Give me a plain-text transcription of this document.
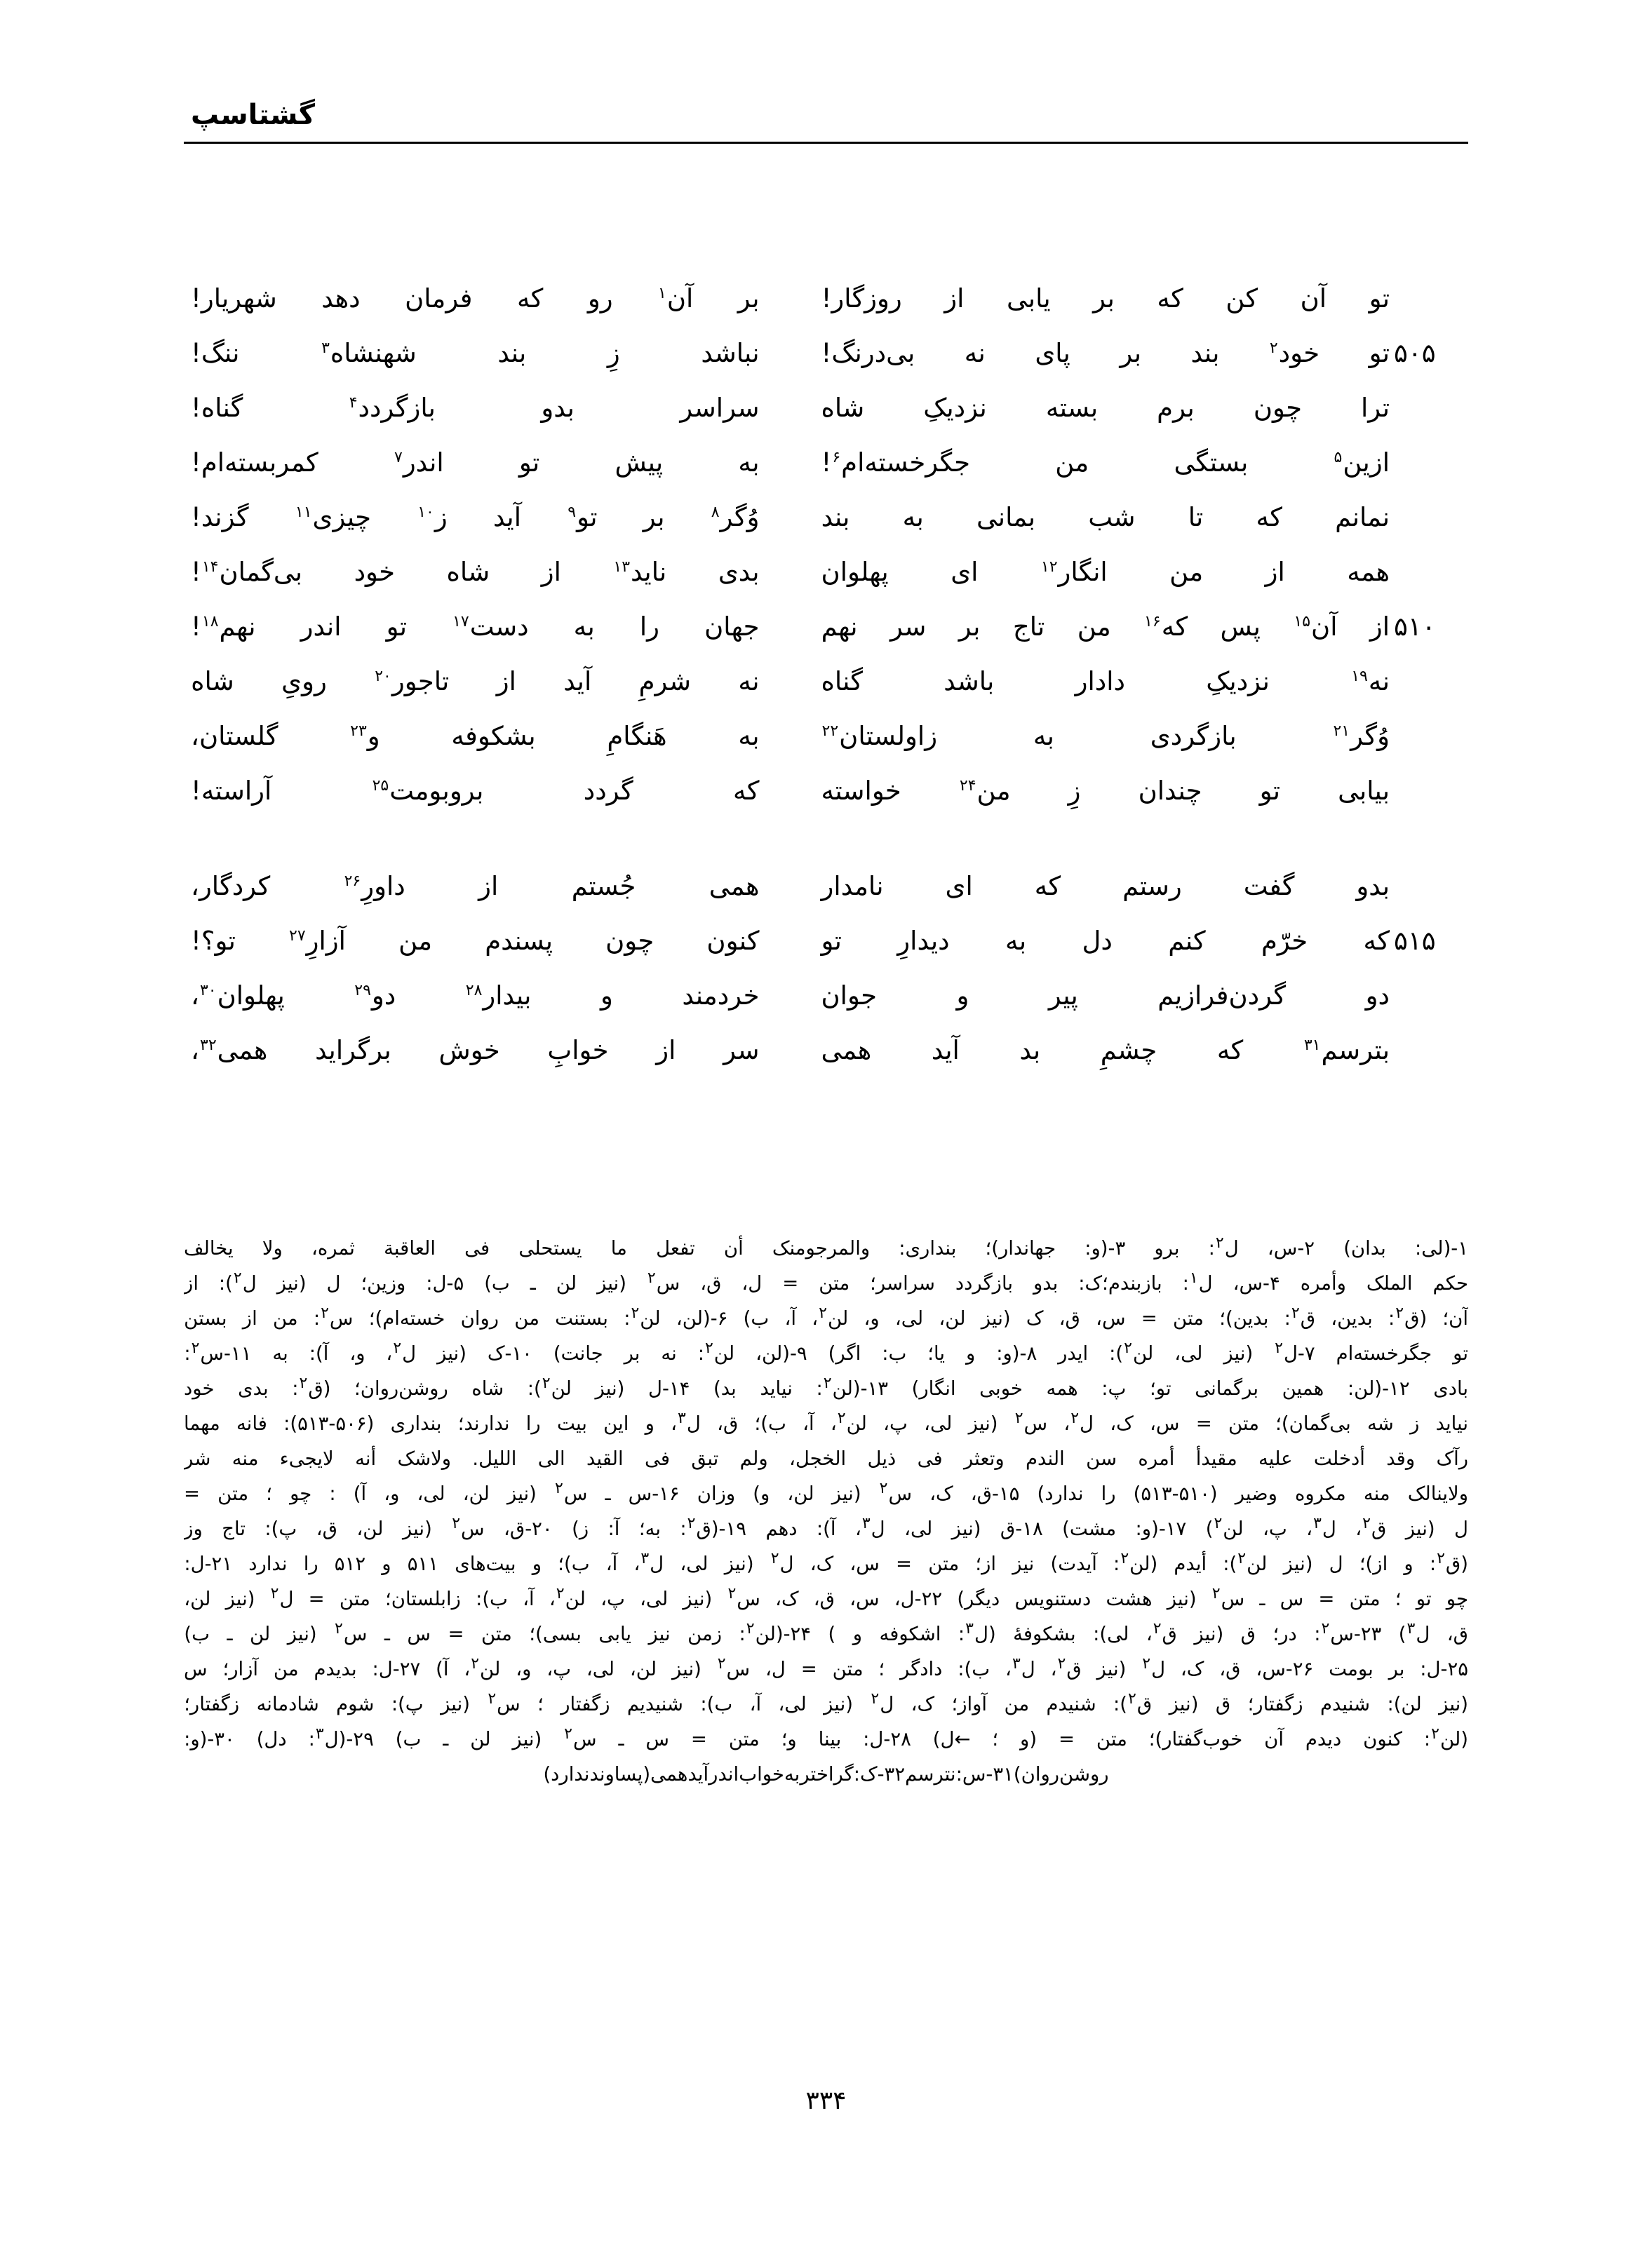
گشتاسپ
تو
آن
کن
که
بر
یابی
از
روزگار!
بر
آن$^۱$
رو
که
فرمان
دهد
شهریار!
۵۰۵
تو
خود$^۲$
بند
بر
پای
نه
بی‌درنگ!
نباشد
زِ
بند
شهنشاه$^۳$
ننگ!
ترا
چون
برم
بسته
نزدیکِ
شاه
سراسر
بدو
بازگردد$^۴$
گناه!
ازین$^۵$
بستگی
من
جگرخسته‌ام$^۶$!
به
پیش
تو
اندر$^۷$
کمربسته‌ام!
نمانم
که
تا
شب
بمانی
به
بند
وُگر$^۸$
بر
تو$^۹$
آید
ز$^{۱۰}$
چیزی$^{۱۱}$
گزند!
همه
از
من
انگار$^{۱۲}$
ای
پهلوان
بدی
ناید$^{۱۳}$
از
شاه
خود
بی‌گمان$^{۱۴}$!
۵۱۰
از
آن$^{۱۵}$
پس
که$^{۱۶}$
من
تاج
بر
سر
نهم
جهان
را
به
دست$^{۱۷}$
تو
اندر
نهم$^{۱۸}$!
نه$^{۱۹}$
نزدیکِ
دادار
باشد
گناه
نه
شرمِ
آید
از
تاجور$^{۲۰}$
رویِ
شاه
وُگر$^{۲۱}$
بازگردی
به
زاولستان$^{۲۲}$
به
هَنگامِ
بشکوفه
و$^{۲۳}$
گلستان،
بیابی
تو
چندان
زِ
من$^{۲۴}$
خواسته
که
گردد
بروبومت$^{۲۵}$
آراسته!
بدو
گفت
رستم
که
ای
نامدار
همی
جُستم
از
داورِ$^{۲۶}$
کردگار،
۵۱۵
که
خرّم
کنم
دل
به
دیدارِ
تو
کنون
چون
پسندم
من
آزارِ$^{۲۷}$
تو؟!
دو
گردن‌فرازیم
پیر
و
جوان
خردمند
و
بیدار$^{۲۸}$
دو$^{۲۹}$
پهلوان$^{۳۰}$،
بترسم$^{۳۱}$
که
چشمِ
بد
آید
همی
سر
از
خوابِ
خوش
برگراید
همی$^{۳۲}$،
۱-(لی:
بدان)
۲-س،
ل$^۲$:
برو
۳-(و:
جهاندار)؛
بنداری:
والمرجومنک
أن
تفعل
ما
یستحلی
فی
العاقبة
ثمره،
ولا
یخالف
حکم
الملک
وأمره
۴-س،
ل$^۱$:
بازبندم؛ک:
بدو
بازگردد
سراسر؛
متن
=
ل،
ق،
س$^۲$
(نیز
لن
ـ
ب)
۵-ل:
وزین؛
ل
(نیز
ل$^۲$):
از
آن؛
(ق$^۲$:
بدین،
ق$^۲$:
بدین)؛
متن
=
س،
ق،
ک
(نیز
لن،
لی،
و،
لن$^۲$،
آ،
ب)
۶-(لن،
لن$^۲$:
بستنت
من
روان
خسته‌ام)؛
س$^۲$:
من
از
بستن
تو
جگرخسته‌ام
۷-ل$^۲$
(نیز
لی،
لن$^۲$):
ایدر
۸-(و:
و
یا؛
ب:
اگر)
۹-(لن،
لن$^۲$:
نه
بر
جانت)
۱۰-ک
(نیز
ل$^۲$،
و،
آ):
به
۱۱-س$^۲$:
بادی
۱۲-(لن:
همین
برگمانی
تو؛
پ:
همه
خوبی
انگار)
۱۳-(لن$^۲$:
نیاید
بد)
۱۴-ل
(نیز
لن$^۲$):
شاه
روشن‌روان؛
(ق$^۲$:
بدی
خود
نیاید
ز
شه
بی‌گمان)؛
متن
=
س،
ک،
ل$^۲$،
س$^۲$
(نیز
لی،
پ،
لن$^۲$،
آ،
ب)؛
ق،
ل$^۳$،
و
این
بیت
را
ندارند؛
بنداری
(۵۱۳-۵۰۶):
فانه
مهما
رآک
وقد
أدخلت
علیه
مقیدأ
أمره
سن
الندم
وتعثر
فی
ذیل
الخجل،
ولم
تبق
فی
القید
الی
اللیل.
ولاشک
أنه
لایجی‌ء
منه
شر
ولاینالک
منه
مکروه
وضیر
(۵۱۳-۵۱۰)
را
ندارد)
۱۵-ق،
ک،
س$^۲$
(نیز
لن،
و)
وزان
۱۶-س
ـ
س$^۲$
(نیز
لن،
لی،
و،
آ)
:
چو
؛
متن
=
ل
(نیز
ق$^۲$،
ل$^۳$،
پ،
لن$^۲$)
۱۷-(و:
مشت)
۱۸-ق
(نیز
لی،
ل$^۳$،
آ):
دهم
۱۹-(ق$^۲$:
به؛
آ:
ز)
۲۰-ق،
س$^۲$
(نیز
لن،
ق،
پ):
تاج
وز
(ق$^۲$:
و
از)؛
ل
(نیز
لن$^۲$):
أیدم
(لن$^۲$:
آیدت)
نیز
از؛
متن
=
س،
ک،
ل$^۲$
(نیز
لی،
ل$^۳$،
آ،
ب)؛
و
بیت‌های
۵۱۱
و
۵۱۲
را
ندارد
۲۱-ل:
چو
تو
؛
متن
=
س
ـ
س$^۲$
(نیز
هشت
دستنویس
دیگر)
۲۲-ل،
س،
ق،
ک،
س$^۲$
(نیز
لی،
پ،
لن$^۲$،
آ،
ب):
زابلستان؛
متن
=
ل$^۲$
(نیز
لن،
ق،
ل$^۳$)
۲۳-س$^۲$:
در؛
ق
(نیز
ق$^۲$،
لی):
بشکوفهٔ
(ل$^۳$:
اشکوفه
و
)
۲۴-(لن$^۲$:
زمن
نیز
یابی
بسی)؛
متن
=
س
ـ
س$^۲$
(نیز
لن
ـ
ب)
۲۵-ل:
بر
بومت
۲۶-س،
ق،
ک،
ل$^۲$
(نیز
ق$^۲$،
ل$^۳$،
ب):
دادگر
؛
متن
=
ل،
س$^۲$
(نیز
لن،
لی،
پ،
و،
لن$^۲$،
آ)
۲۷-ل:
بدیدم
من
آزار؛
س
(نیز
لن):
شنیدم
زگفتار؛
ق
(نیز
ق$^۲$):
شنیدم
من
آواز؛
ک،
ل$^۲$
(نیز
لی،
آ،
ب):
شنیدیم
زگفتار
؛
س$^۲$
(نیز
پ):
شوم
شادمانه
زگفتار؛
(لن$^۲$:
کنون
دیدم
آن
خوب‌گفتار)؛
متن
=
(و
؛
←ل)
۲۸-ل:
بینا
و؛
متن
=
س
ـ
س$^۲$
(نیز
لن
ـ
ب)
۲۹-(ل$^۳$:
دل)
۳۰-(و:
روشن‌روان)
۳۱-س:
نترسم
۳۲-ک:
گر
اختر
به
خواب
اندرآید
همی
(پساوند
ندارد)
۳۳۴
